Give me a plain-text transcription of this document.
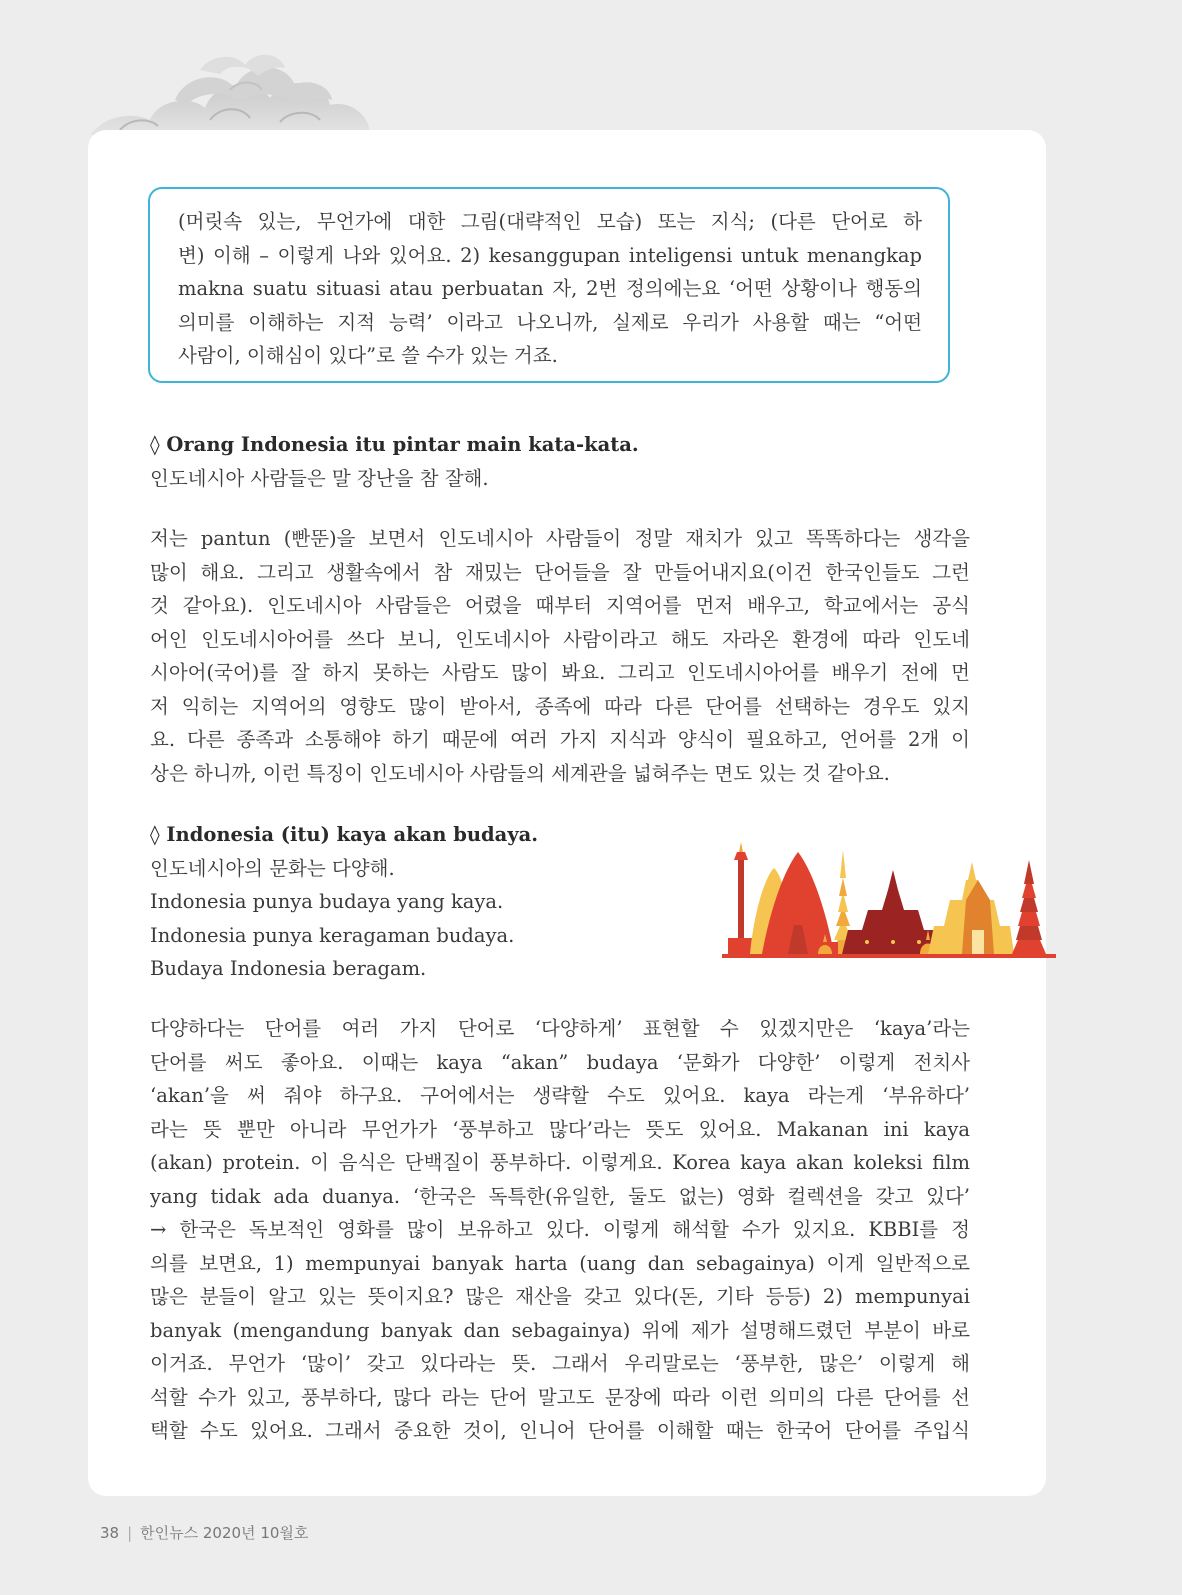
(머릿속 있는, 무언가에 대한 그림(대략적인 모습) 또는 지식; (다른 단어로 하
변) 이해 – 이렇게 나와 있어요. 2) kesanggupan inteligensi untuk menangkap
makna suatu situasi atau perbuatan 자, 2번 정의에는요 ‘어떤 상황이나 행동의
의미를 이해하는 지적 능력’ 이라고 나오니까, 실제로 우리가 사용할 때는 “어떤
사람이, 이해심이 있다”로 쓸 수가 있는 거죠.
◊ Orang Indonesia itu pintar main kata-kata.
인도네시아 사람들은 말 장난을 참 잘해.
저는 pantun (빤뚠)을 보면서 인도네시아 사람들이 정말 재치가 있고 똑똑하다는 생각을
많이 해요. 그리고 생활속에서 참 재밌는 단어들을 잘 만들어내지요(이건 한국인들도 그런
것 같아요). 인도네시아 사람들은 어렸을 때부터 지역어를 먼저 배우고, 학교에서는 공식
어인 인도네시아어를 쓰다 보니, 인도네시아 사람이라고 해도 자라온 환경에 따라 인도네
시아어(국어)를 잘 하지 못하는 사람도 많이 봐요. 그리고 인도네시아어를 배우기 전에 먼
저 익히는 지역어의 영향도 많이 받아서, 종족에 따라 다른 단어를 선택하는 경우도 있지
요. 다른 종족과 소통해야 하기 때문에 여러 가지 지식과 양식이 필요하고, 언어를 2개 이
상은 하니까, 이런 특징이 인도네시아 사람들의 세계관을 넓혀주는 면도 있는 것 같아요.
◊ Indonesia (itu) kaya akan budaya.
인도네시아의 문화는 다양해.
Indonesia punya budaya yang kaya.
Indonesia punya keragaman budaya.
Budaya Indonesia beragam.
다양하다는 단어를 여러 가지 단어로 ‘다양하게’ 표현할 수 있겠지만은 ‘kaya’라는
단어를 써도 좋아요. 이때는 kaya “akan” budaya ‘문화가 다양한’ 이렇게 전치사
‘akan’을 써 줘야 하구요. 구어에서는 생략할 수도 있어요. kaya 라는게 ‘부유하다’
라는 뜻 뿐만 아니라 무언가가 ‘풍부하고 많다’라는 뜻도 있어요. Makanan ini kaya
(akan) protein. 이 음식은 단백질이 풍부하다. 이렇게요. Korea kaya akan koleksi film
yang tidak ada duanya. ‘한국은 독특한(유일한, 둘도 없는) 영화 컬렉션을 갖고 있다’
→ 한국은 독보적인 영화를 많이 보유하고 있다. 이렇게 해석할 수가 있지요. KBBI를 정
의를 보면요, 1) mempunyai banyak harta (uang dan sebagainya) 이게 일반적으로
많은 분들이 알고 있는 뜻이지요? 많은 재산을 갖고 있다(돈, 기타 등등) 2) mempunyai
banyak (mengandung banyak dan sebagainya) 위에 제가 설명해드렸던 부분이 바로
이거죠. 무언가 ‘많이’ 갖고 있다라는 뜻. 그래서 우리말로는 ‘풍부한, 많은’ 이렇게 해
석할 수가 있고, 풍부하다, 많다 라는 단어 말고도 문장에 따라 이런 의미의 다른 단어를 선
택할 수도 있어요. 그래서 중요한 것이, 인니어 단어를 이해할 때는 한국어 단어를 주입식
38 | 한인뉴스 2020년 10월호
